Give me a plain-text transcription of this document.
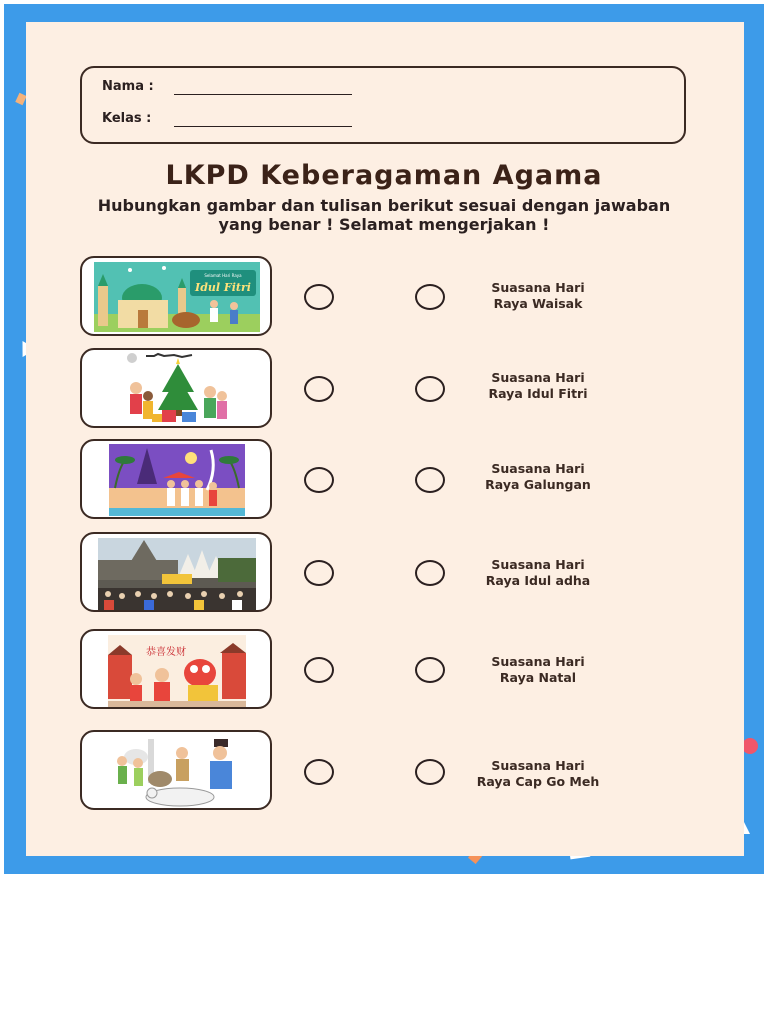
Nama :
Kelas :
LKPD Keberagaman Agama
Hubungkan gambar dan tulisan berikut sesuai dengan jawaban
yang benar ! Selamat mengerjakan !
Selamat Hari Raya
Idul Fitri	Suasana Hari
Raya Waisak
Suasana Hari
Raya Idul Fitri
Suasana Hari
Raya Galungan
Suasana Hari
Raya Idul adha
恭喜发财
Suasana Hari
Raya Natal
Suasana Hari
Raya Cap Go Meh
